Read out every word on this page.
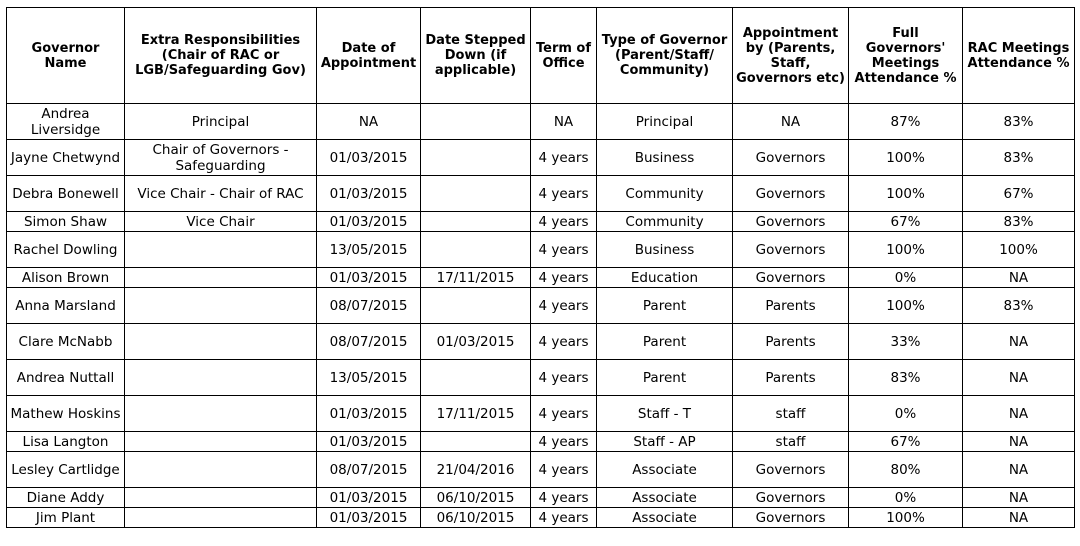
Governor Name	Extra Responsibilities (Chair of RAC or LGB/Safeguarding Gov)	Date of Appointment	Date Stepped Down (if applicable)	Term of Office	Type of Governor (Parent/Staff/ Community)	Appointment by (Parents, Staff, Governors etc)	Full Governors' Meetings Attendance %	RAC Meetings Attendance %
Andrea Liversidge	Principal	NA		NA	Principal	NA	87%	83%
Jayne Chetwynd	Chair of Governors - Safeguarding	01/03/2015		4 years	Business	Governors	100%	83%
Debra Bonewell	Vice Chair - Chair of RAC	01/03/2015		4 years	Community	Governors	100%	67%
Simon Shaw	Vice Chair	01/03/2015		4 years	Community	Governors	67%	83%
Rachel Dowling		13/05/2015		4 years	Business	Governors	100%	100%
Alison Brown		01/03/2015	17/11/2015	4 years	Education	Governors	0%	NA
Anna Marsland		08/07/2015		4 years	Parent	Parents	100%	83%
Clare McNabb		08/07/2015	01/03/2015	4 years	Parent	Parents	33%	NA
Andrea Nuttall		13/05/2015		4 years	Parent	Parents	83%	NA
Mathew Hoskins		01/03/2015	17/11/2015	4 years	Staff - T	staff	0%	NA
Lisa Langton		01/03/2015		4 years	Staff - AP	staff	67%	NA
Lesley Cartlidge		08/07/2015	21/04/2016	4 years	Associate	Governors	80%	NA
Diane Addy		01/03/2015	06/10/2015	4 years	Associate	Governors	0%	NA
Jim Plant		01/03/2015	06/10/2015	4 years	Associate	Governors	100%	NA
